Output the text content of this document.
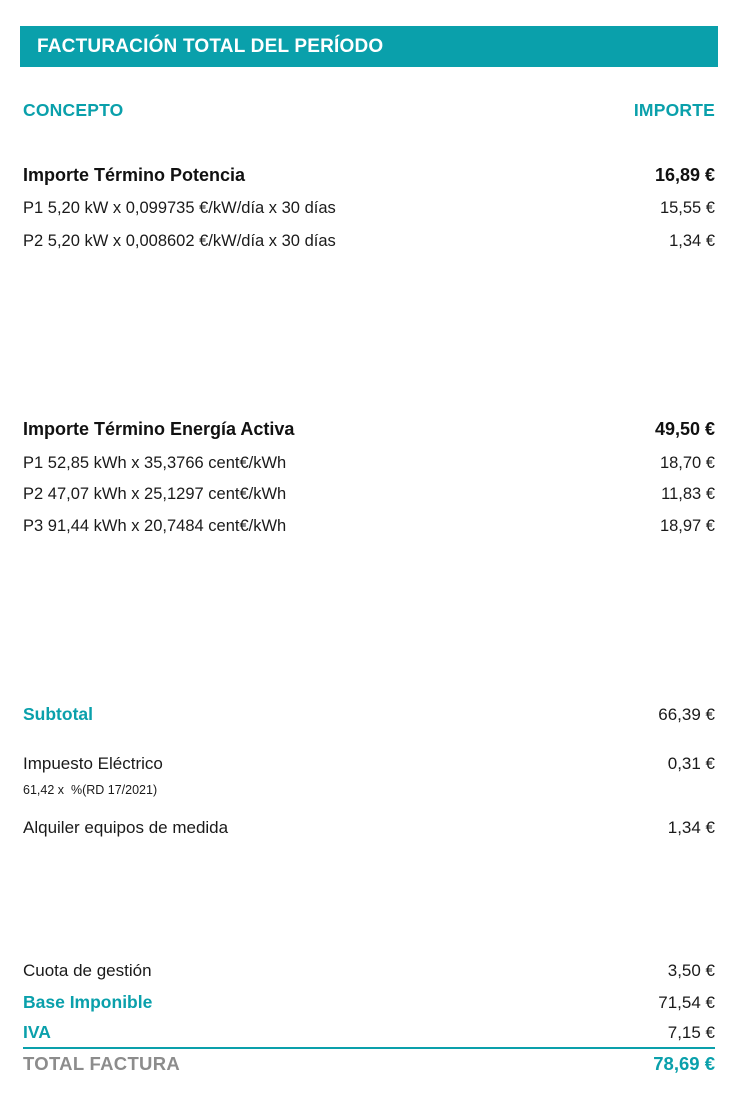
FACTURACIÓN TOTAL DEL PERÍODO
CONCEPTO	IMPORTE
Importe Término Potencia	16,89 €
P1 5,20 kW x 0,099735 €/kW/día x 30 días	15,55 €
P2 5,20 kW x 0,008602 €/kW/día x 30 días	1,34 €
Importe Término Energía Activa	49,50 €
P1 52,85 kWh x 35,3766 cent€/kWh	18,70 €
P2 47,07 kWh x 25,1297 cent€/kWh	11,83 €
P3 91,44 kWh x 20,7484 cent€/kWh	18,97 €
Subtotal	66,39 €
Impuesto Eléctrico	0,31 €
61,42 x  %(RD 17/2021)
Alquiler equipos de medida	1,34 €
Cuota de gestión	3,50 €
Base Imponible	71,54 €
IVA	7,15 €
TOTAL FACTURA	78,69 €
